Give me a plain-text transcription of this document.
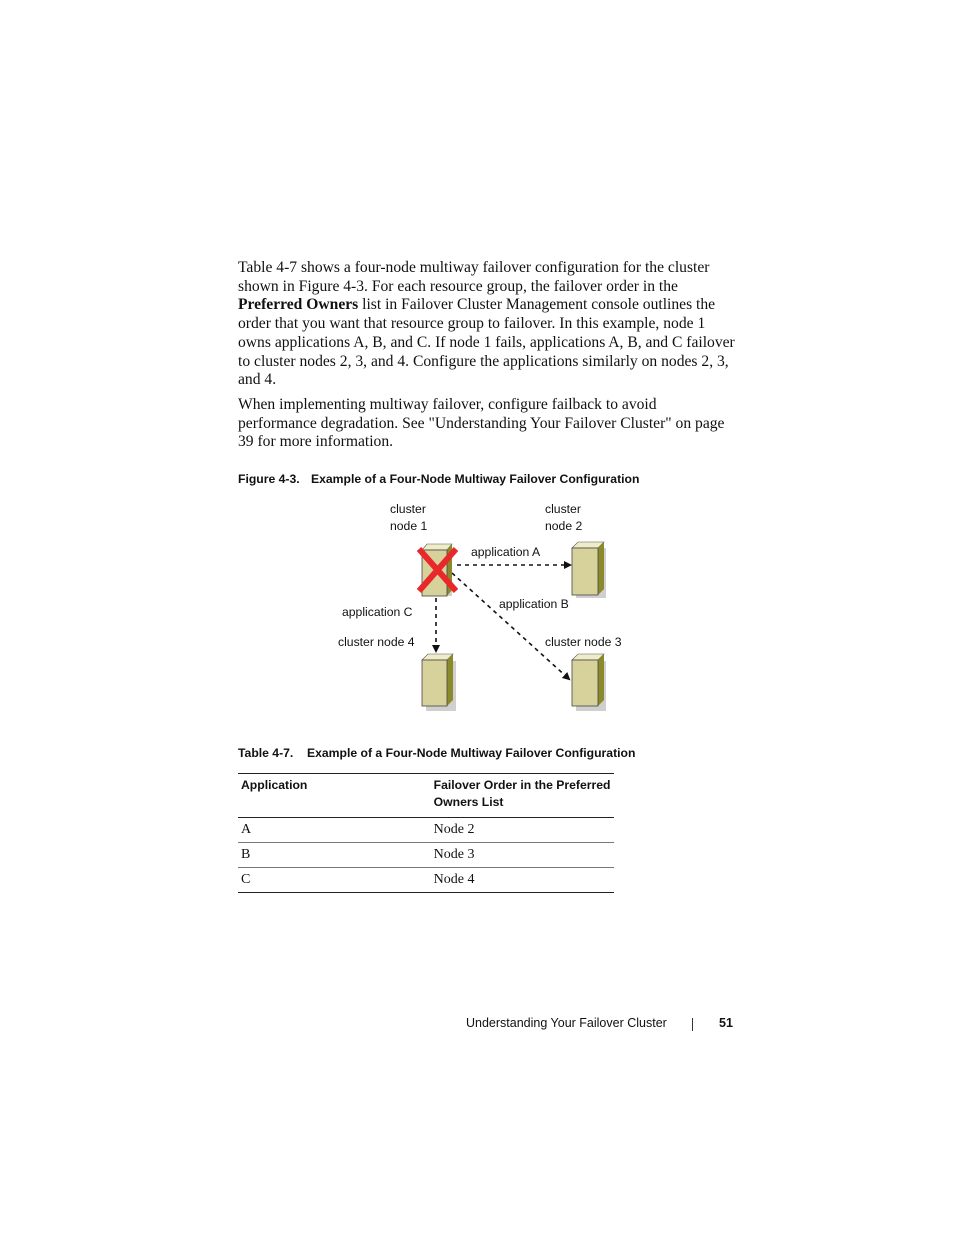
Table 4-7 shows a four-node multiway failover configuration for the cluster shown in Figure 4-3. For each resource group, the failover order in the Preferred Owners list in Failover Cluster Management console outlines the order that you want that resource group to failover. In this example, node 1 owns applications A, B, and C. If node 1 fails, applications A, B, and C failover to cluster nodes 2, 3, and 4. Configure the applications similarly on nodes 2, 3, and 4.
When implementing multiway failover, configure failback to avoid performance degradation. See "Understanding Your Failover Cluster" on page 39 for more information.
Figure 4-3. Example of a Four-Node Multiway Failover Configuration
cluster
node 1
cluster
node 2
application A
application B
application C
cluster node 4	cluster node 3
Table 4-7. Example of a Four-Node Multiway Failover Configuration
Application	Failover Order in the Preferred Owners List
A	Node 2
B	Node 3
C	Node 4
Understanding Your Failover Cluster	51
